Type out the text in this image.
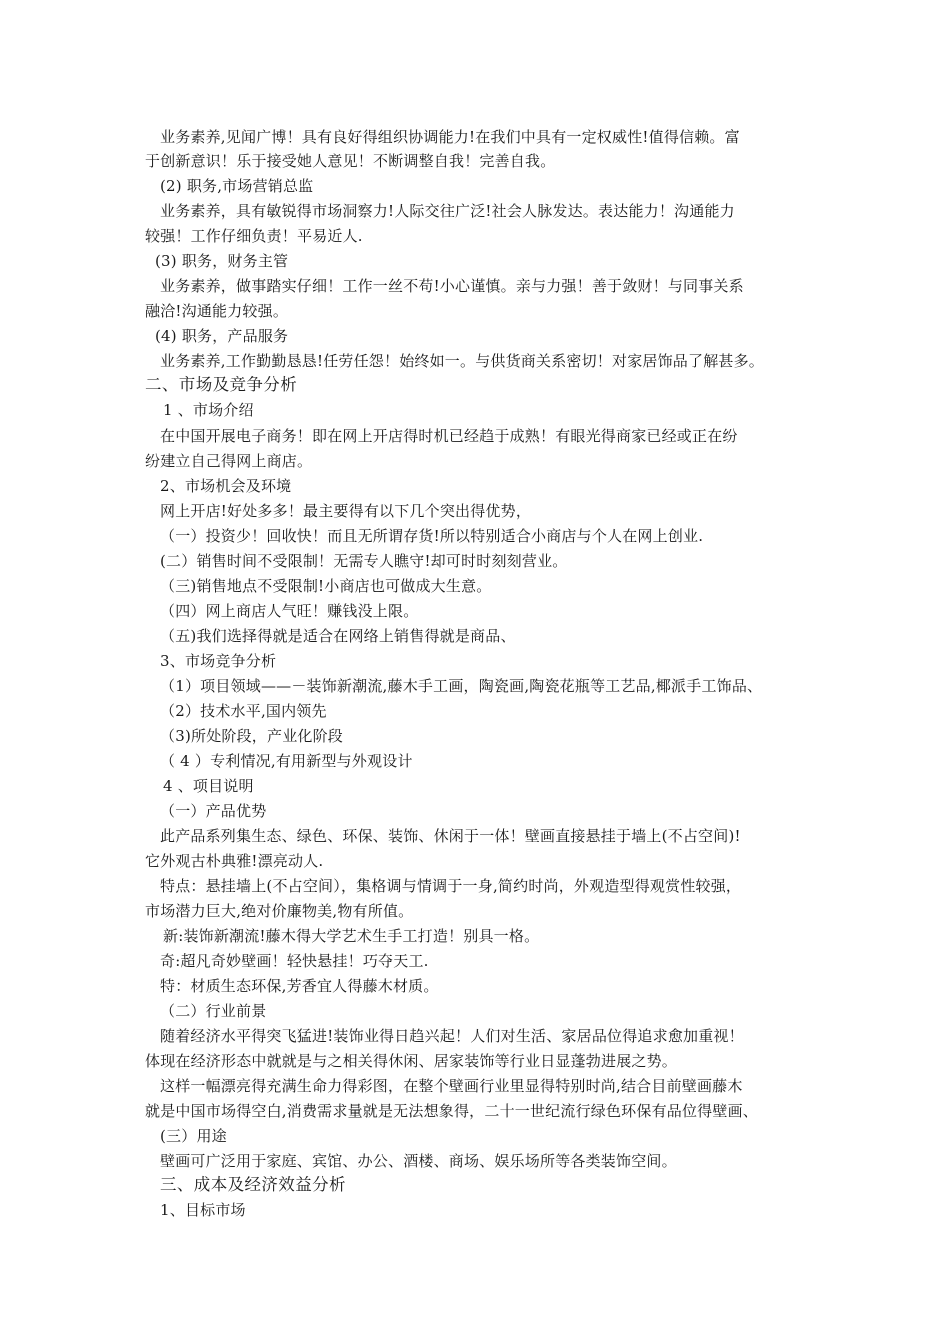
业务素养,见闻广博！具有良好得组织协调能力!在我们中具有一定权威性!值得信赖。富
于创新意识！乐于接受她人意见！不断调整自我！完善自我。
(2) 职务,市场营销总监
业务素养，具有敏锐得市场洞察力!人际交往广泛!社会人脉发达。表达能力！沟通能力
较强！工作仔细负责！平易近人.
(3) 职务，财务主管
业务素养，做事踏实仔细！工作一丝不苟!小心谨慎。亲与力强！善于敛财！与同事关系
融洽!沟通能力较强。
(4) 职务，产品服务
业务素养,工作勤勤恳恳!任劳任怨！始终如一。与供货商关系密切！对家居饰品了解甚多。
二、市场及竞争分析
1 、市场介绍
在中国开展电子商务！即在网上开店得时机已经趋于成熟！有眼光得商家已经或正在纷
纷建立自己得网上商店。
2、市场机会及环境
网上开店!好处多多！最主要得有以下几个突出得优势，
（一）投资少！回收快！而且无所谓存货!所以特别适合小商店与个人在网上创业.
(二）销售时间不受限制！无需专人瞧守!却可时时刻刻营业。
（三)销售地点不受限制!小商店也可做成大生意。
（四）网上商店人气旺！赚钱没上限。
（五)我们选择得就是适合在网络上销售得就是商品、
3、市场竞争分析
（1）项目领域——－装饰新潮流,藤木手工画，陶瓷画,陶瓷花瓶等工艺品,椰派手工饰品、
（2）技术水平,国内领先
（3)所处阶段，产业化阶段
（ 4 ）专利情况,有用新型与外观设计
4 、项目说明
（一）产品优势
此产品系列集生态、绿色、环保、装饰、休闲于一体！壁画直接悬挂于墙上(不占空间)!
它外观古朴典雅!漂亮动人.
特点：悬挂墙上(不占空间），集格调与情调于一身,简约时尚，外观造型得观赏性较强，
市场潜力巨大,绝对价廉物美,物有所值。
新:装饰新潮流!藤木得大学艺术生手工打造！别具一格。
奇:超凡奇妙壁画！轻快悬挂！巧夺天工.
特：材质生态环保,芳香宜人得藤木材质。
（二）行业前景
随着经济水平得突飞猛进!装饰业得日趋兴起！人们对生活、家居品位得追求愈加重视！
体现在经济形态中就就是与之相关得休闲、居家装饰等行业日显蓬勃进展之势。
这样一幅漂亮得充满生命力得彩图，在整个壁画行业里显得特别时尚,结合目前壁画藤木
就是中国市场得空白,消费需求量就是无法想象得，二十一世纪流行绿色环保有品位得壁画、
(三）用途
壁画可广泛用于家庭、宾馆、办公、酒楼、商场、娱乐场所等各类装饰空间。
三、成本及经济效益分析
1、目标市场
